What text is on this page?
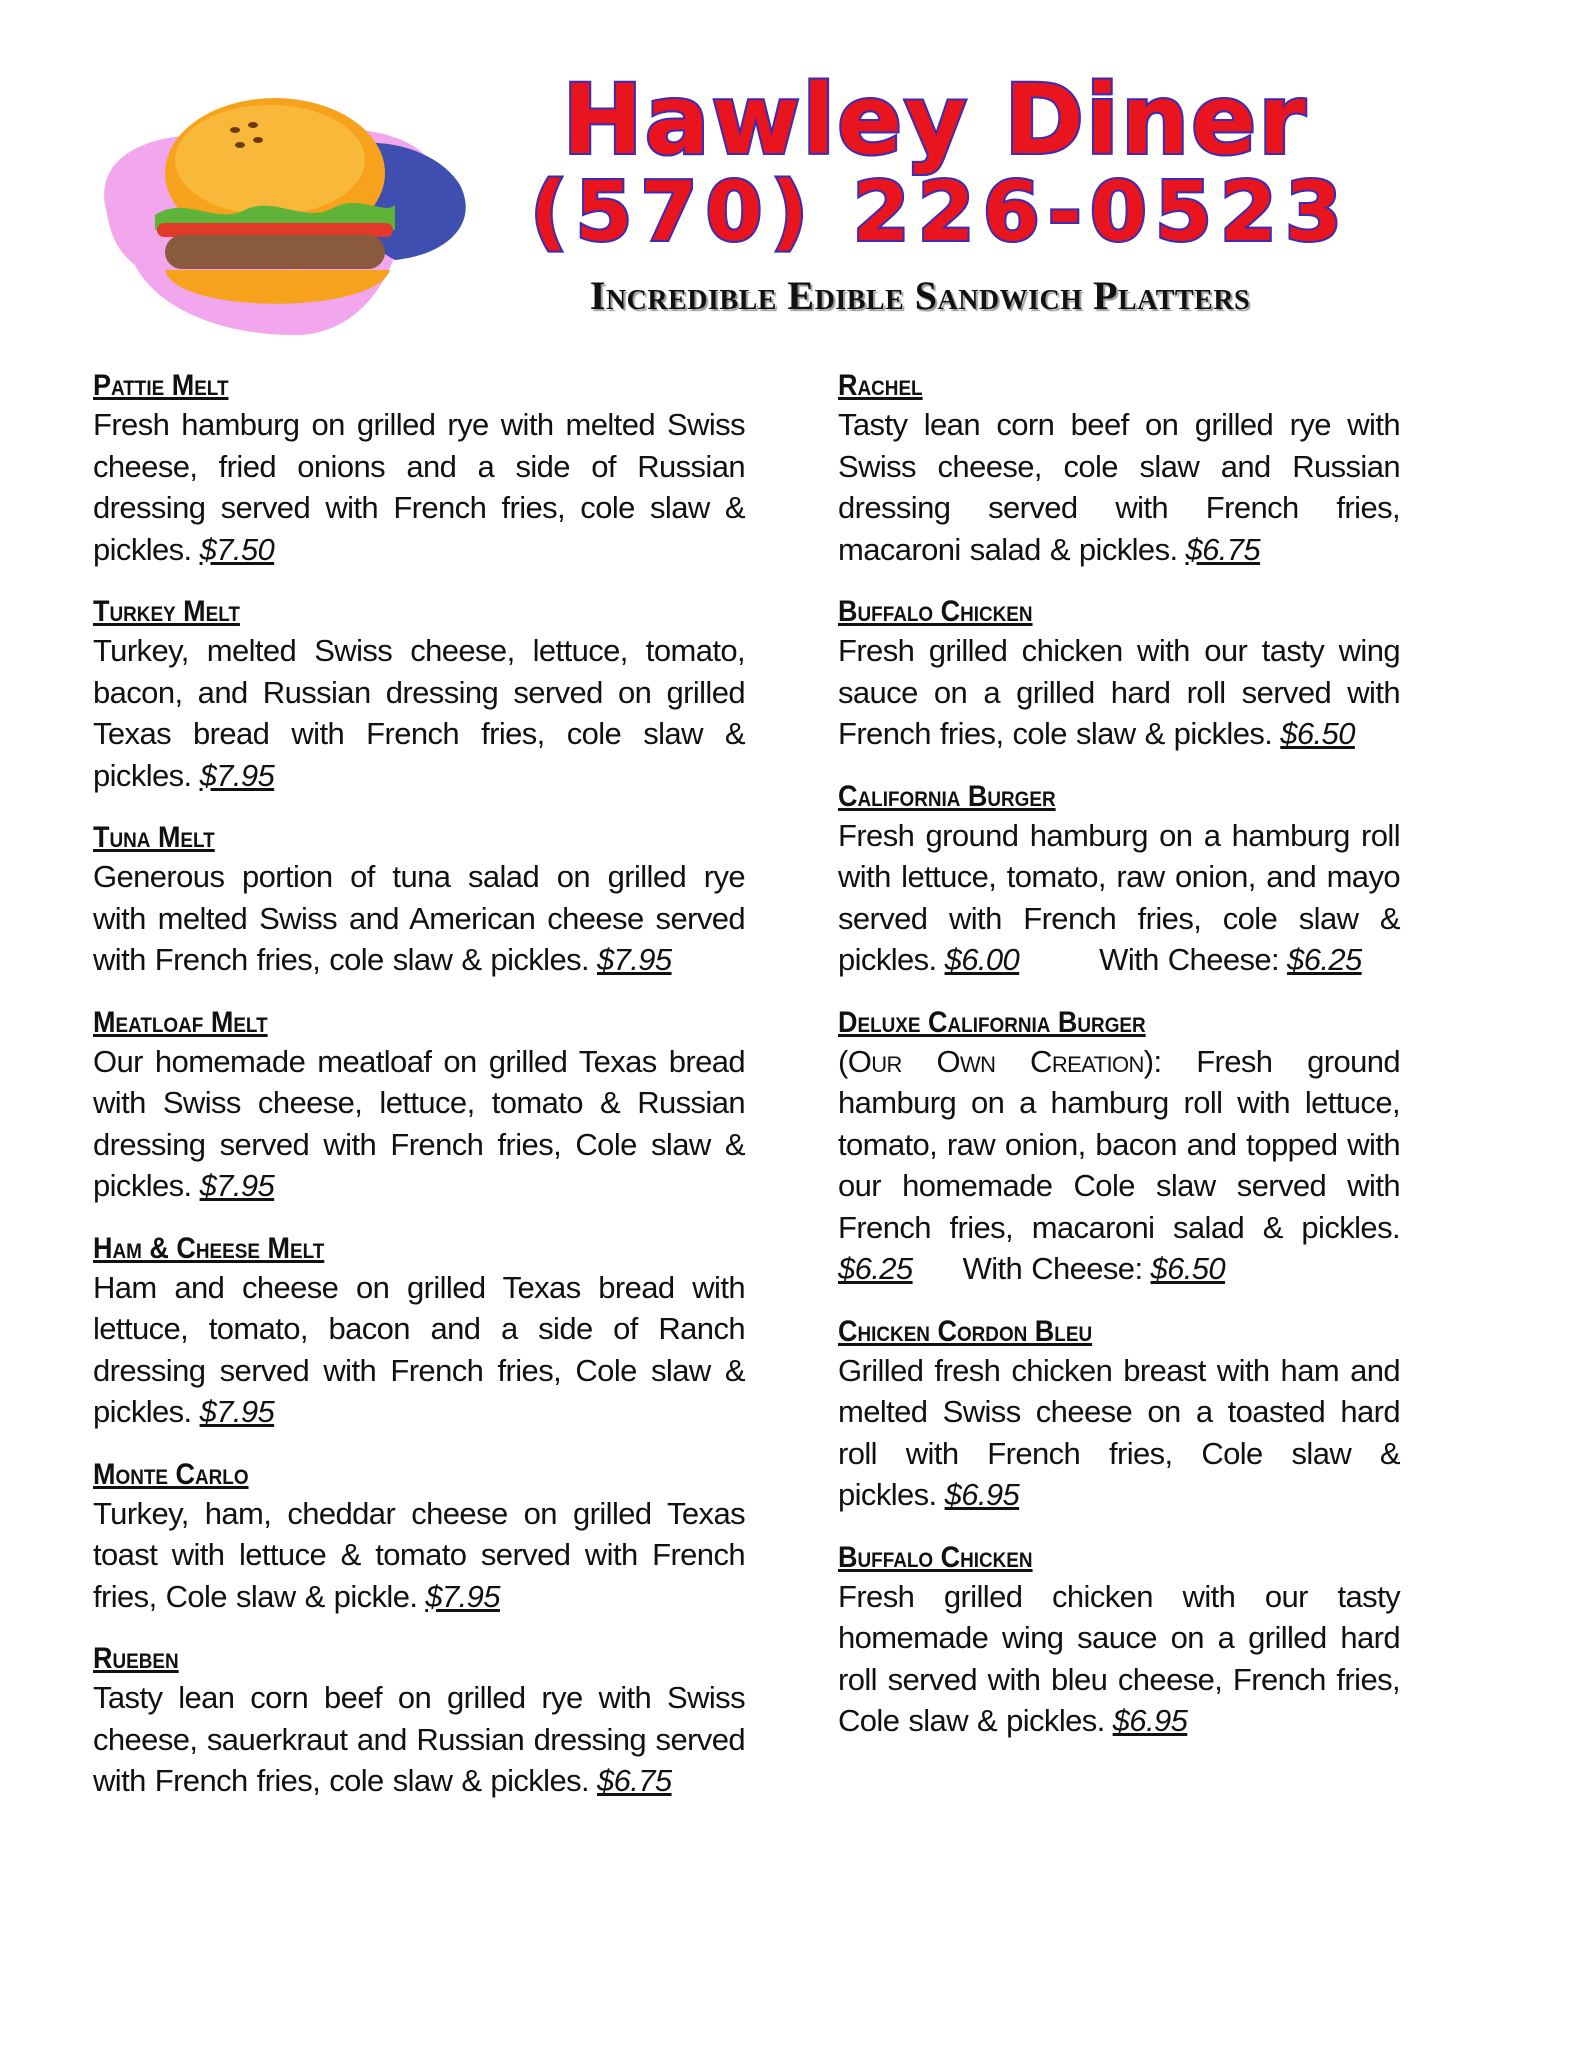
Hawley Diner
(570) 226-0523
Incredible Edible Sandwich Platters
Pattie Melt
Fresh hamburg on grilled rye with melted Swiss cheese, fried onions and a side of Russian dressing served with French fries, cole slaw & pickles. $7.50
Turkey Melt
Turkey, melted Swiss cheese, lettuce, tomato, bacon, and Russian dressing served on grilled Texas bread with French fries, cole slaw & pickles. $7.95
Tuna Melt
Generous portion of tuna salad on grilled rye with melted Swiss and American cheese served with French fries, cole slaw & pickles. $7.95
Meatloaf Melt
Our homemade meatloaf on grilled Texas bread with Swiss cheese, lettuce, tomato & Russian dressing served with French fries, Cole slaw & pickles. $7.95
Ham & Cheese Melt
Ham and cheese on grilled Texas bread with lettuce, tomato, bacon and a side of Ranch dressing served with French fries, Cole slaw & pickles. $7.95
Monte Carlo
Turkey, ham, cheddar cheese on grilled Texas toast with lettuce & tomato served with French fries, Cole slaw & pickle. $7.95
Rueben
Tasty lean corn beef on grilled rye with Swiss cheese, sauerkraut and Russian dressing served with French fries, cole slaw & pickles. $6.75
Rachel
Tasty lean corn beef on grilled rye with Swiss cheese, cole slaw and Russian dressing served with French fries, macaroni salad & pickles. $6.75
Buffalo Chicken
Fresh grilled chicken with our tasty wing sauce on a grilled hard roll served with French fries, cole slaw & pickles. $6.50
California Burger
Fresh ground hamburg on a hamburg roll with lettuce, tomato, raw onion, and mayo served with French fries, cole slaw & pickles. $6.00	With Cheese: $6.25
Deluxe California Burger
(Our Own Creation): Fresh ground hamburg on a hamburg roll with lettuce, tomato, raw onion, bacon and topped with our homemade Cole slaw served with French fries, macaroni salad & pickles. $6.25 With Cheese: $6.50
Chicken Cordon Bleu
Grilled fresh chicken breast with ham and melted Swiss cheese on a toasted hard roll with French fries, Cole slaw & pickles. $6.95
Buffalo Chicken
Fresh grilled chicken with our tasty homemade wing sauce on a grilled hard roll served with bleu cheese, French fries, Cole slaw & pickles. $6.95
